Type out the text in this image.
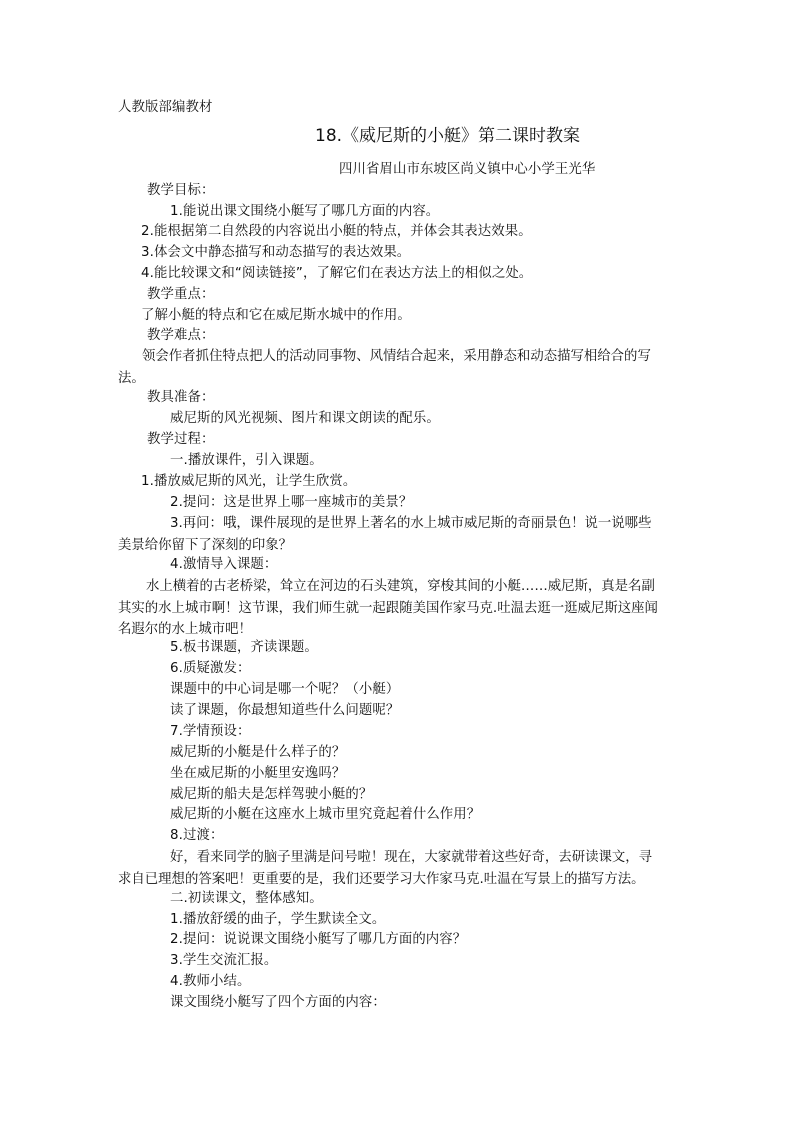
人教版部编教材
18.《威尼斯的小艇》第二课时教案
四川省眉山市东坡区尚义镇中心小学王光华
教学目标：
1.能说出课文围绕小艇写了哪几方面的内容。
2.能根据第二自然段的内容说出小艇的特点，并体会其表达效果。
3.体会文中静态描写和动态描写的表达效果。
4.能比较课文和“阅读链接”，了解它们在表达方法上的相似之处。
教学重点：
了解小艇的特点和它在威尼斯水城中的作用。
教学难点：
领会作者抓住特点把人的活动同事物、风情结合起来，采用静态和动态描写相给合的写法。
教具准备：
威尼斯的风光视频、图片和课文朗读的配乐。
教学过程：
一.播放课件，引入课题。
1.播放威尼斯的风光，让学生欣赏。
2.提问：这是世界上哪一座城市的美景？
3.再问：哦，课件展现的是世界上著名的水上城市威尼斯的奇丽景色！说一说哪些美景给你留下了深刻的印象？
4.激情导入课题：
水上横着的古老桥梁，耸立在河边的石头建筑，穿梭其间的小艇……威尼斯，真是名副其实的水上城市啊！这节课，我们师生就一起跟随美国作家马克.吐温去逛一逛威尼斯这座闻名遐尔的水上城市吧！
5.板书课题，齐读课题。
6.质疑激发：
课题中的中心词是哪一个呢？（小艇）
读了课题，你最想知道些什么问题呢？
7.学情预设：
威尼斯的小艇是什么样子的？
坐在威尼斯的小艇里安逸吗？
威尼斯的船夫是怎样驾驶小艇的？
威尼斯的小艇在这座水上城市里究竟起着什么作用？
8.过渡：
好，看来同学的脑子里满是问号啦！现在，大家就带着这些好奇，去研读课文，寻求自已理想的答案吧！更重要的是，我们还要学习大作家马克.吐温在写景上的描写方法。
二.初读课文，整体感知。
1.播放舒缓的曲子，学生默读全文。
2.提问：说说课文围绕小艇写了哪几方面的内容？
3.学生交流汇报。
4.教师小结。
课文围绕小艇写了四个方面的内容：
